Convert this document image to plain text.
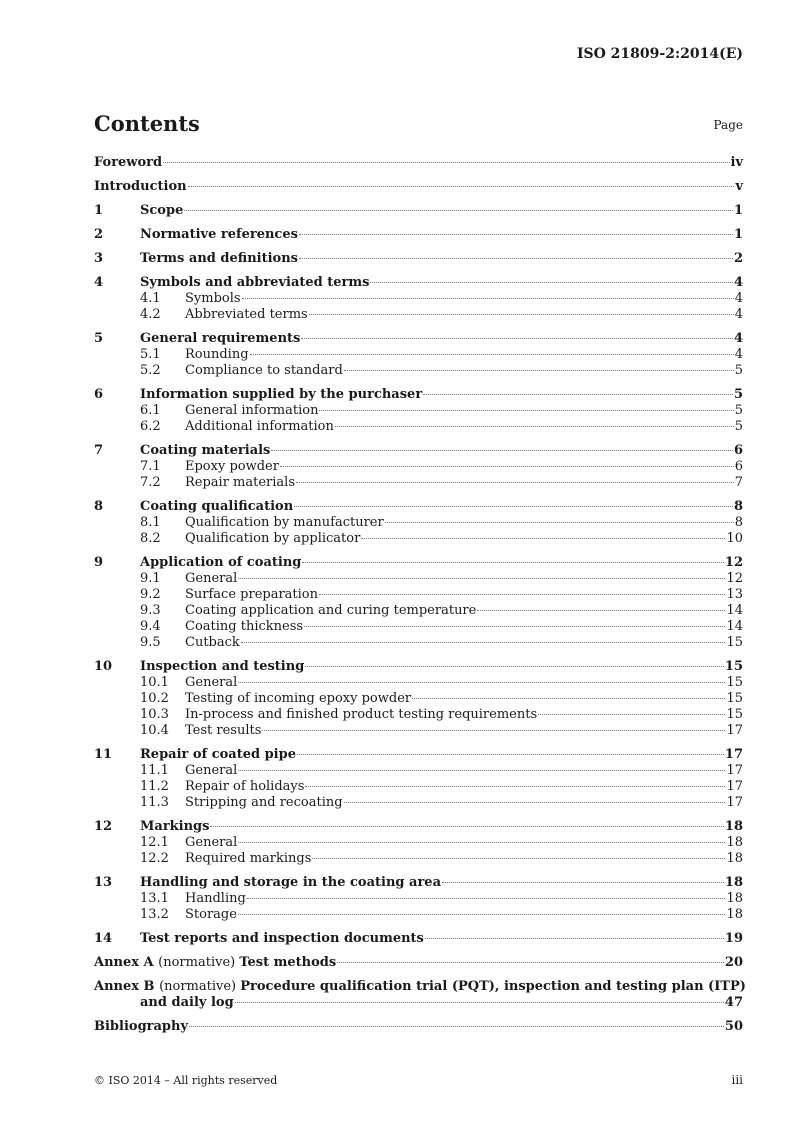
ISO 21809-2:2014(E)
Contents	Page
Foreword	iv
Introduction	v
1	Scope	1
2	Normative references	1
3	Terms and definitions	2
4	Symbols and abbreviated terms	4
4.1	Symbols	4
4.2	Abbreviated terms	4
5	General requirements	4
5.1	Rounding	4
5.2	Compliance to standard	5
6	Information supplied by the purchaser	5
6.1	General information	5
6.2	Additional information	5
7	Coating materials	6
7.1	Epoxy powder	6
7.2	Repair materials	7
8	Coating qualification	8
8.1	Qualification by manufacturer	8
8.2	Qualification by applicator	10
9	Application of coating	12
9.1	General	12
9.2	Surface preparation	13
9.3	Coating application and curing temperature	14
9.4	Coating thickness	14
9.5	Cutback	15
10	Inspection and testing	15
10.1	General	15
10.2	Testing of incoming epoxy powder	15
10.3	In-process and finished product testing requirements	15
10.4	Test results	17
11	Repair of coated pipe	17
11.1	General	17
11.2	Repair of holidays	17
11.3	Stripping and recoating	17
12	Markings	18
12.1	General	18
12.2	Required markings	18
13	Handling and storage in the coating area	18
13.1	Handling	18
13.2	Storage	18
14	Test reports and inspection documents	19
Annex A (normative) Test methods	20
Annex B (normative) Procedure qualification trial (PQT), inspection and testing plan (ITP)
and daily log	47
Bibliography	50
© ISO 2014 – All rights reserved	iii
